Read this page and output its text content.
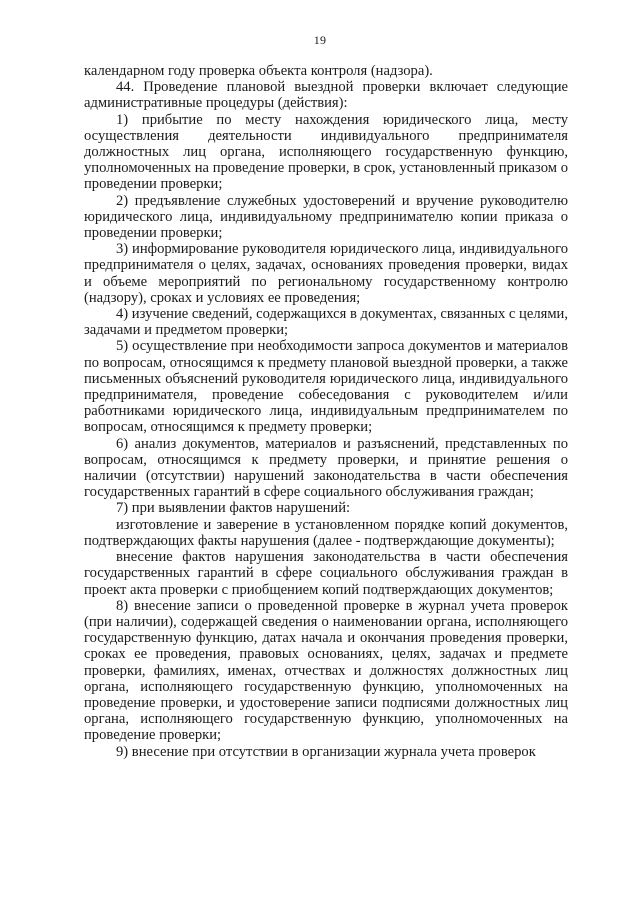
19

календарном году проверка объекта контроля (надзора).

44. Проведение плановой выездной проверки включает следующие административные процедуры (действия):

1) прибытие по месту нахождения юридического лица, месту осуществления деятельности индивидуального предпринимателя должностных лиц органа, исполняющего государственную функцию, уполномоченных на проведение проверки, в срок, установленный приказом о проведении проверки;

2) предъявление служебных удостоверений и вручение руководителю юридического лица, индивидуальному предпринимателю копии приказа о проведении проверки;

3) информирование руководителя юридического лица, индивидуального предпринимателя о целях, задачах, основаниях проведения проверки, видах и объеме мероприятий по региональному государственному контролю (надзору), сроках и условиях ее проведения;

4) изучение сведений, содержащихся в документах, связанных с целями, задачами и предметом проверки;

5) осуществление при необходимости запроса документов и материалов по вопросам, относящимся к предмету плановой выездной проверки, а также письменных объяснений руководителя юридического лица, индивидуального предпринимателя, проведение собеседования с руководителем и/или работниками юридического лица, индивидуальным предпринимателем по вопросам, относящимся к предмету проверки;

6) анализ документов, материалов и разъяснений, представленных по вопросам, относящимся к предмету проверки, и принятие решения о наличии (отсутствии) нарушений законодательства в части обеспечения государственных гарантий в сфере социального обслуживания граждан;

7) при выявлении фактов нарушений:

изготовление и заверение в установленном порядке копий документов, подтверждающих факты нарушения (далее - подтверждающие документы);

внесение фактов нарушения законодательства в части обеспечения государственных гарантий в сфере социального обслуживания граждан в проект акта проверки с приобщением копий подтверждающих документов;

8) внесение записи о проведенной проверке в журнал учета проверок (при наличии), содержащей сведения о наименовании органа, исполняющего государственную функцию, датах начала и окончания проведения проверки, сроках ее проведения, правовых основаниях, целях, задачах и предмете проверки, фамилиях, именах, отчествах и должностях должностных лиц органа, исполняющего государственную функцию, уполномоченных на проведение проверки, и удостоверение записи подписями должностных лиц органа, исполняющего государственную функцию, уполномоченных на проведение проверки;

9) внесение при отсутствии в организации журнала учета проверок
